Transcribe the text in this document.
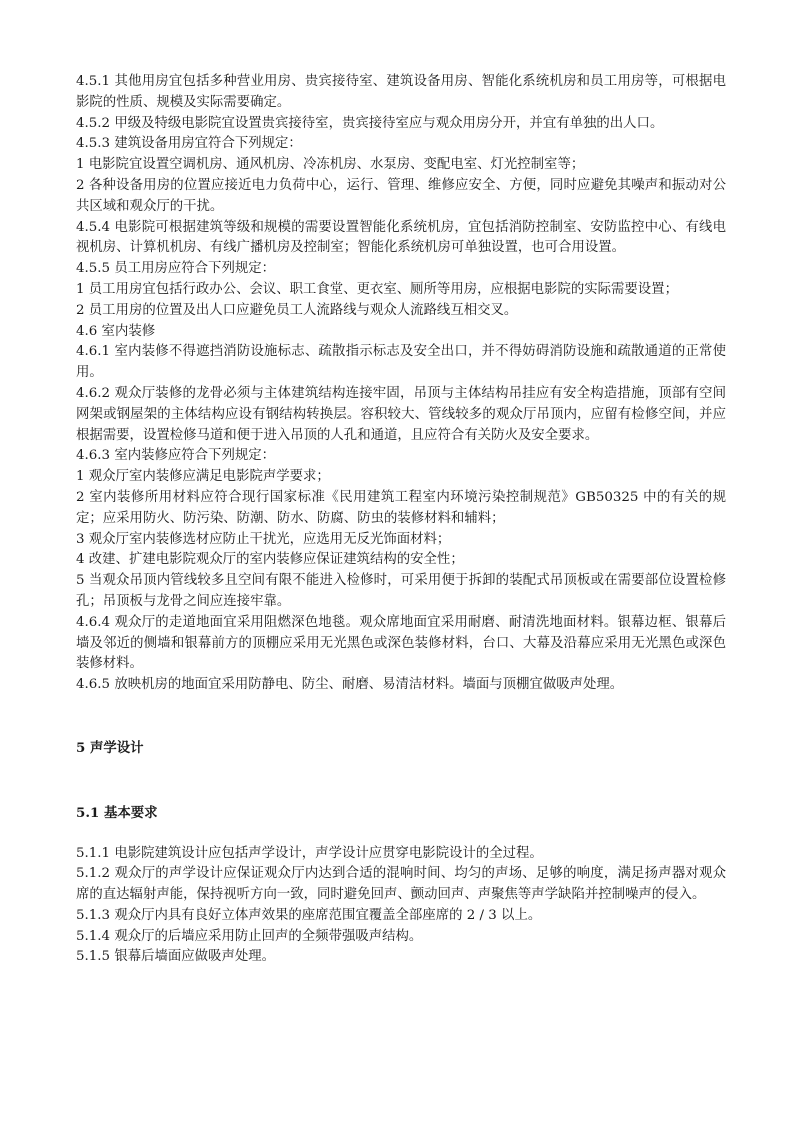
4.5.1 其他用房宜包括多种营业用房、贵宾接待室、建筑设备用房、智能化系统机房和员工用房等，可根据电影院的性质、规模及实际需要确定。

4.5.2 甲级及特级电影院宜设置贵宾接待室，贵宾接待室应与观众用房分开，并宜有单独的出人口。

4.5.3 建筑设备用房宜符合下列规定：

1 电影院宜设置空调机房、通风机房、冷冻机房、水泵房、变配电室、灯光控制室等；

2 各种设备用房的位置应接近电力负荷中心，运行、管理、维修应安全、方便，同时应避免其噪声和振动对公共区域和观众厅的干扰。

4.5.4 电影院可根据建筑等级和规模的需要设置智能化系统机房，宜包括消防控制室、安防监控中心、有线电视机房、计算机机房、有线广播机房及控制室；智能化系统机房可单独设置，也可合用设置。

4.5.5 员工用房应符合下列规定：

1 员工用房宜包括行政办公、会议、职工食堂、更衣室、厕所等用房，应根据电影院的实际需要设置；

2 员工用房的位置及出人口应避免员工人流路线与观众人流路线互相交叉。

4.6 室内装修

4.6.1 室内装修不得遮挡消防设施标志、疏散指示标志及安全出口，并不得妨碍消防设施和疏散通道的正常使用。

4.6.2 观众厅装修的龙骨必须与主体建筑结构连接牢固，吊顶与主体结构吊挂应有安全构造措施，顶部有空间网架或钢屋架的主体结构应设有钢结构转换层。容积较大、管线较多的观众厅吊顶内，应留有检修空间，并应根据需要，设置检修马道和便于进入吊顶的人孔和通道，且应符合有关防火及安全要求。

4.6.3 室内装修应符合下列规定：

1 观众厅室内装修应满足电影院声学要求；

2 室内装修所用材料应符合现行国家标准《民用建筑工程室内环境污染控制规范》GB50325 中的有关的规定；应采用防火、防污染、防潮、防水、防腐、防虫的装修材料和辅料；

3 观众厅室内装修选材应防止干扰光，应选用无反光饰面材料；

4 改建、扩建电影院观众厅的室内装修应保证建筑结构的安全性；

5 当观众吊顶内管线较多且空间有限不能进入检修时，可采用便于拆卸的装配式吊顶板或在需要部位设置检修孔；吊顶板与龙骨之间应连接牢靠。

4.6.4 观众厅的走道地面宜采用阻燃深色地毯。观众席地面宜采用耐磨、耐清洗地面材料。银幕边框、银幕后墙及邻近的侧墙和银幕前方的顶棚应采用无光黑色或深色装修材料，台口、大幕及沿幕应采用无光黑色或深色装修材料。

4.6.5 放映机房的地面宜采用防静电、防尘、耐磨、易清洁材料。墙面与顶棚宜做吸声处理。

5 声学设计

5.1 基本要求

5.1.1 电影院建筑设计应包括声学设计，声学设计应贯穿电影院设计的全过程。

5.1.2 观众厅的声学设计应保证观众厅内达到合适的混响时间、均匀的声场、足够的响度，满足扬声器对观众席的直达辐射声能，保持视听方向一致，同时避免回声、颤动回声、声聚焦等声学缺陷并控制噪声的侵入。

5.1.3 观众厅内具有良好立体声效果的座席范围宜覆盖全部座席的 2 / 3 以上。

5.1.4 观众厅的后墙应采用防止回声的全频带强吸声结构。

5.1.5 银幕后墙面应做吸声处理。
